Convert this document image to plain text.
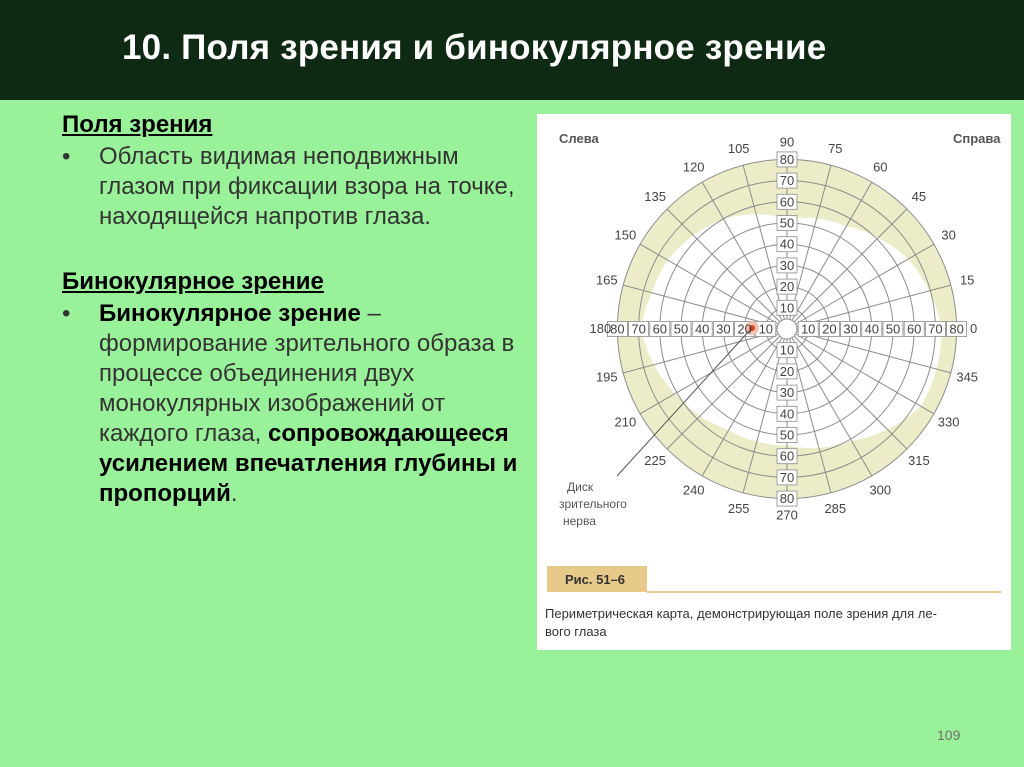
10. Поля зрения и бинокулярное зрение
Поля зрения
• Область видимая неподвижным глазом при фиксации взора на точке, находящейся напротив глаза.
Бинокулярное зрение
• Бинокулярное зрение – формирование зрительного образа в процессе объединения двух монокулярных изображений от каждого глаза, сопровождающееся усилением впечатления глубины и пропорций.
0
15
30
45
60
75
90
105
120
135
150
165
180
195
210
225
240
255 270 285
300
315
330
345
10
10
10
10
20
20
20
20
30
30
30
30
40
40
40
40
50
50
50
50
60
60
60
60
70
70
70
70
80
80
80
80
Слева	Справа
Диск
зрительного
нерва
Рис. 51–6
Периметрическая карта, демонстрирующая поле зрения для ле-
вого глаза
109
